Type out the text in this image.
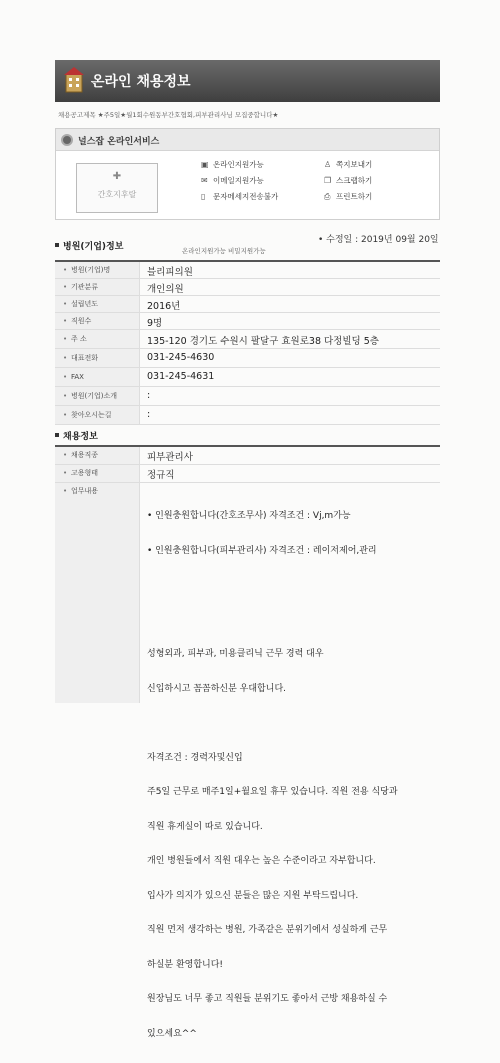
온라인 채용정보
채용공고제목 ★주5일★월1회수원동부간호협회,피부관리사님 모집중합니다★
널스잡 온라인서비스
✚
간호지후랄
▣ 온라인지원가능
✉ 이메일지원가능
▯ 문자메세지전송불가
♙ 쪽지보내기
❐ 스크랩하기
⎙ 프린트하기
병원(기업)정보	온라인지원가능 비밀지원가능
• 수정일 : 2019년 09월 20일
• 병원(기업)명	블리피의원
• 기관분류	개인의원
• 설립년도	2016년
• 직원수	9명
• 주 소	135-120 경기도 수원시 팔달구 효원로38 다정빌딩 5층
• 대표전화	031-245-4630
• FAX	031-245-4631
• 병원(기업)소개	:
• 찾아오시는길	:
채용정보
• 채용직종	피부관리사
• 고용형태	정규직
• 업무내용

• 인원충원합니다(간호조무사) 자격조건 : Vj,m가능

• 인원충원합니다(피부관리사) 자격조건 : 레이저제어,관리

성형외과, 피부과, 미용클리닉 근무 경력 대우

신입하시고 꼼꼼하신분 우대합니다.

자격조건 : 경력자및신입

주5일 근무로 매주1일+월요일 휴무 있습니다. 직원 전용 식당과

직원 휴게실이 따로 있습니다.

개인 병원들에서 직원 대우는 높은 수준이라고 자부합니다.

입사가 의지가 있으신 분들은 많은 지원 부탁드립니다.

직원 먼저 생각하는 병원, 가족같은 분위기에서 성실하게 근무

하실분 환영합니다!

원장님도 너무 좋고 직원들 분위기도 좋아서 근방 채용하실 수

있으세요^^
